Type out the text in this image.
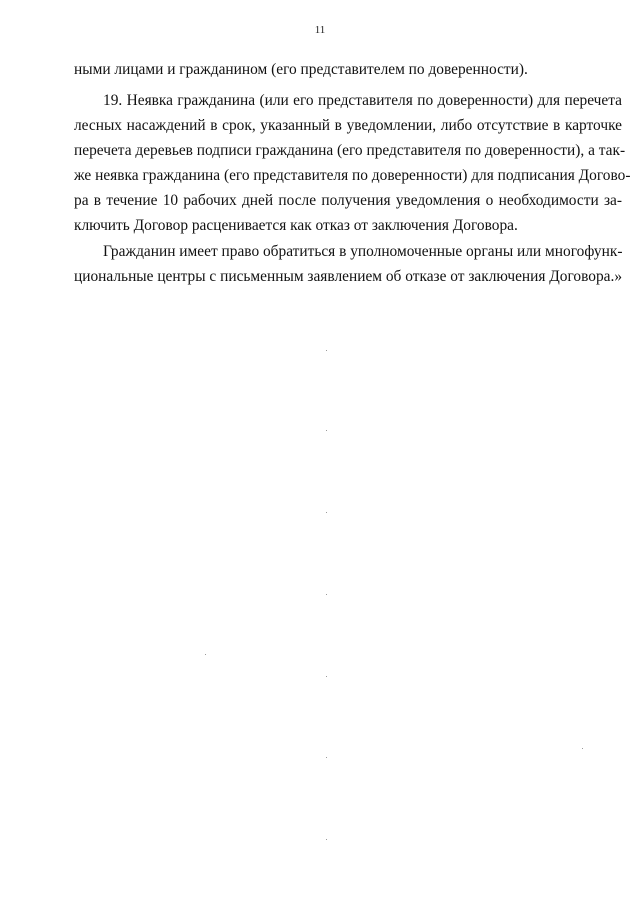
11
ными лицами и гражданином (его представителем по доверенности).
19. Неявка гражданина (или его представителя по доверенности) для перечета
лесных насаждений в срок, указанный в уведомлении, либо отсутствие в карточке
перечета деревьев подписи гражданина (его представителя по доверенности), а так-
же неявка гражданина (его представителя по доверенности) для подписания Догово-
ра в течение 10 рабочих дней после получения уведомления о необходимости за-
ключить Договор расценивается как отказ от заключения Договора.
Гражданин имеет право обратиться в уполномоченные органы или многофунк-
циональные центры с письменным заявлением об отказе от заключения Договора.»
